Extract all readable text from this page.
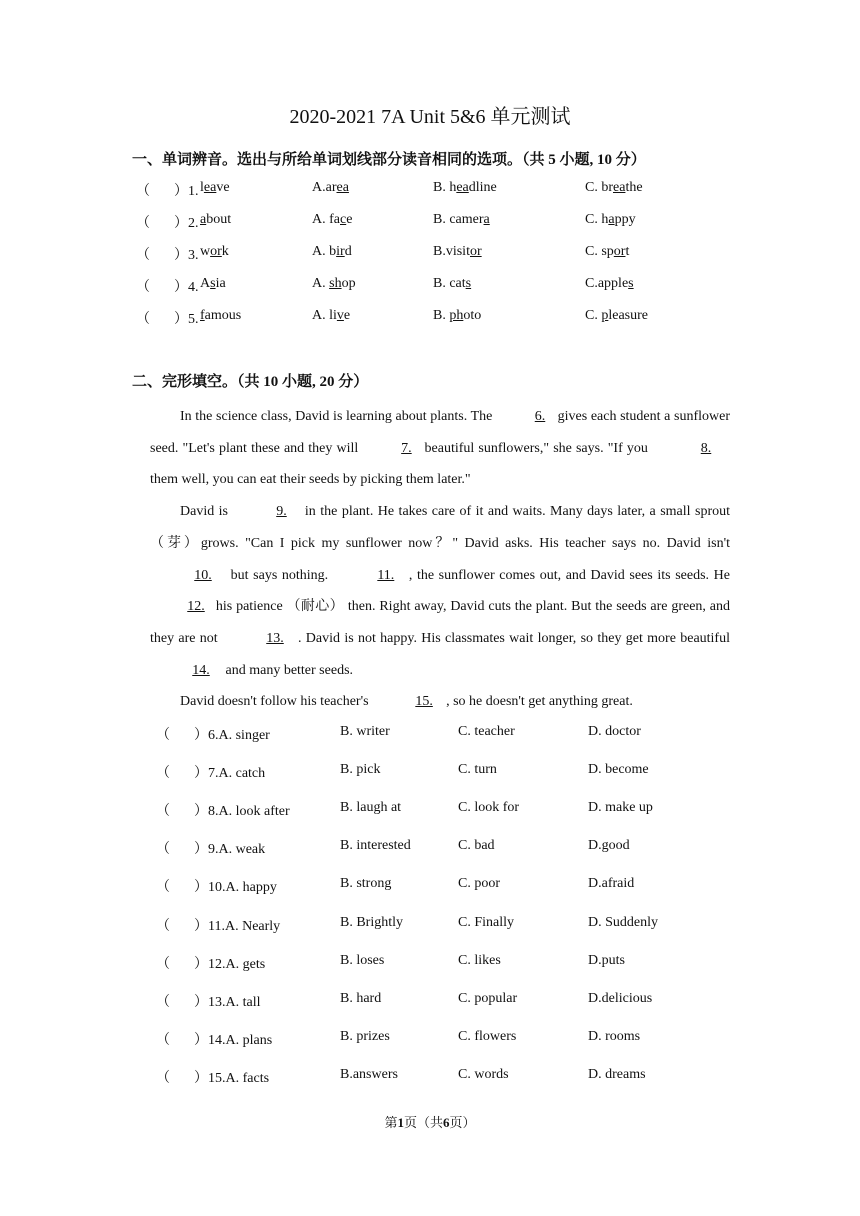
2020-2021 7A Unit 5&6 单元测试
一、单词辨音。选出与所给单词划线部分读音相同的选项。（共 5 小题, 10 分）
（ ）1. leave	A.area	B. headline	C. breathe
（ ）2. about	A. face	B. camera	C. happy
（ ）3. work	A. bird	B.visitor	C. sport
（ ）4. Asia	A. shop	B. cats	C.apples
（ ）5. famous	A. live	B. photo	C. pleasure
二、完形填空。（共 10 小题, 20 分）

In the science class, David is learning about plants. The	6. gives each student a sunflower seed. "Let's plant these and they will	7. beautiful sunflowers," she says. "If you	8. them well, you can eat their seeds by picking them later."

David is	9. in the plant. He takes care of it and waits. Many days later, a small sprout（芽）grows. "Can I pick my sunflower now？" David asks. His teacher says no. David isn't 10. but says nothing.	11. , the sunflower comes out, and David sees its seeds. He 12. his patience （耐心） then. Right away, David cuts the plant. But the seeds are green, and they are not	13. . David is not happy. His classmates wait longer, so they get more beautiful 14. and many better seeds.

David doesn't follow his teacher's	15. , so he doesn't get anything great.

（ ）6.A. singer	B. writer	C. teacher	D. doctor
（ ）7.A. catch	B. pick	C. turn	D. become
（ ）8.A. look after	B. laugh at	C. look for	D. make up
（ ）9.A. weak	B. interested	C. bad	D.good
（ ）10.A. happy	B. strong	C. poor	D.afraid
（ ）11.A. Nearly	B. Brightly	C. Finally	D. Suddenly
（ ）12.A. gets	B. loses	C. likes	D.puts
（ ）13.A. tall	B. hard	C. popular	D.delicious
（ ）14.A. plans	B. prizes	C. flowers	D. rooms
（ ）15.A. facts	B.answers	C. words	D. dreams
第1页（共6页）
